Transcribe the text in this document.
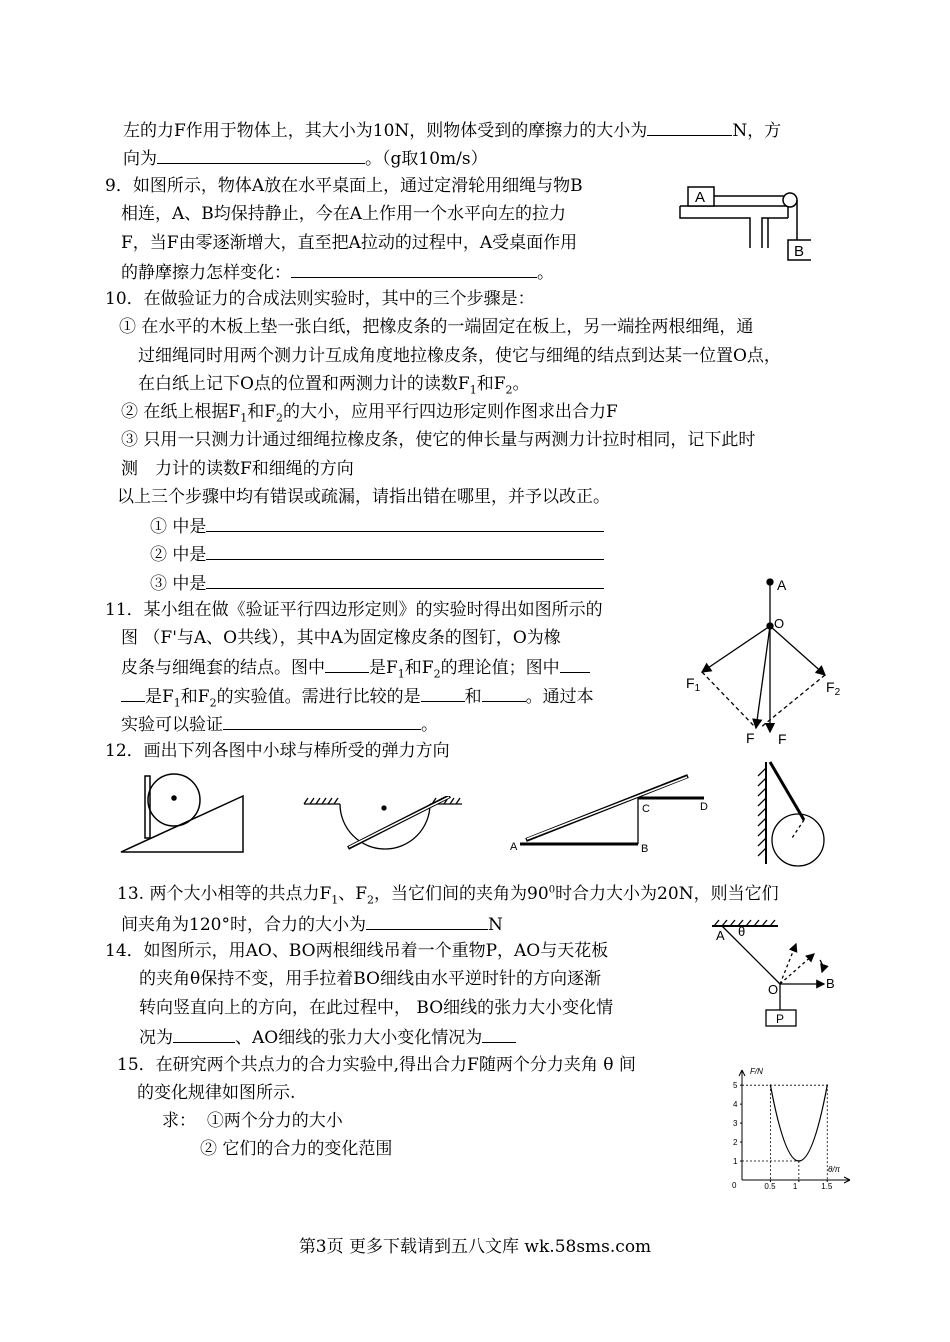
左的力F作用于物体上，其大小为10N，则物体受到的摩擦力的大小为	N，方
向为	。（g取10m/s）
9．如图所示，物体A放在水平桌面上，通过定滑轮用细绳与物B
相连，A、B均保持静止，今在A上作用一个水平向左的拉力
F，当F由零逐渐增大，直至把A拉动的过程中，A受桌面作用
的静摩擦力怎样变化：	。
A
B
10．在做验证力的合成法则实验时，其中的三个步骤是：
① 在水平的木板上垫一张白纸，把橡皮条的一端固定在板上，另一端拴两根细绳，通
过细绳同时用两个测力计互成角度地拉橡皮条，使它与细绳的结点到达某一位置O点，
在白纸上记下O点的位置和两测力计的读数$F_1$和$F_2$。
② 在纸上根据$F_1$和$F_2$的大小，应用平行四边形定则作图求出合力F
③ 只用一只测力计通过细绳拉橡皮条，使它的伸长量与两测力计拉时相同，记下此时
测　力计的读数F和细绳的方向
以上三个步骤中均有错误或疏漏，请指出错在哪里，并予以改正。
① 中是
② 中是
③ 中是
11．某小组在做《验证平行四边形定则》的实验时得出如图所示的
图 （F'与A、O共线），其中A为固定橡皮条的图钉，O为橡
皮条与细绳套的结点。图中	是$F_1$和$F_2$的理论值；图中
是$F_1$和$F_2$的实验值。需进行比较的是	和	。通过本
实验可以验证	。
A
O
$F_1$	$F_2$
F F
12．画出下列各图中小球与棒所受的弹力方向
A	B
C	D
13. 两个大小相等的共点力$F_1$、$F_2$，当它们间的夹角为$90^0$时合力大小为20N，则当它们
间夹角为120°时，合力的大小为	N
14．如图所示，用AO、BO两根细线吊着一个重物P，AO与天花板
的夹角θ保持不变，用手拉着BO细线由水平逆时针的方向逐渐
转向竖直向上的方向，在此过程中， BO细线的张力大小变化情
况为	、AO细线的张力大小变化情况为
A θ
O	B
P
15．在研究两个共点力的合力实验中,得出合力F随两个分力夹角 θ 间
的变化规律如图所示.
求： ①两个分力的大小
② 它们的合力的变化范围
1
2
3
4
5
0.5 1	1.5
F/N
θ/π
0
第3页 更多下载请到五八文库 wk.58sms.com
